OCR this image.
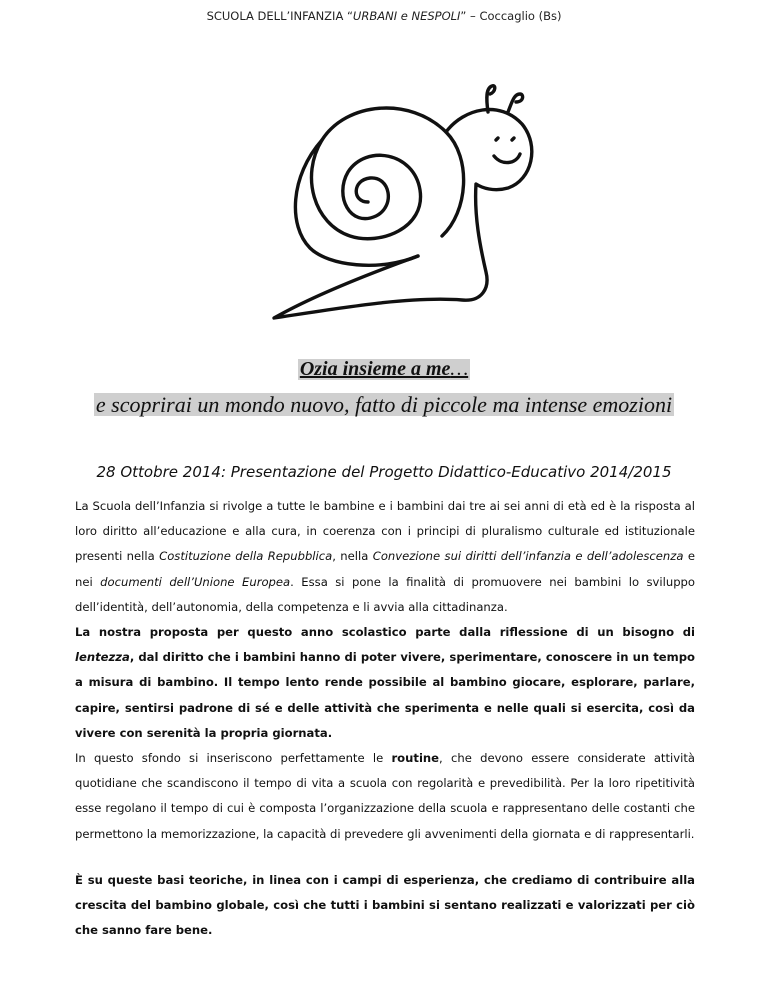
SCUOLA DELL’INFANZIA “URBANI e NESPOLI” – Coccaglio (Bs)
Ozia insieme a me…
e scoprirai un mondo nuovo, fatto di piccole ma intense emozioni
28 Ottobre 2014: Presentazione del Progetto Didattico-Educativo 2014/2015

La Scuola dell’Infanzia si rivolge a tutte le bambine e i bambini dai tre ai sei anni di età ed è la risposta al loro diritto all’educazione e alla cura, in coerenza con i principi di pluralismo culturale ed istituzionale presenti nella Costituzione della Repubblica, nella Convezione sui diritti dell’infanzia e dell’adolescenza e nei documenti dell’Unione Europea. Essa si pone la finalità di promuovere nei bambini lo sviluppo dell’identità, dell’autonomia, della competenza e li avvia alla cittadinanza.

La nostra proposta per questo anno scolastico parte dalla riflessione di un bisogno di lentezza, dal diritto che i bambini hanno di poter vivere, sperimentare, conoscere in un tempo a misura di bambino. Il tempo lento rende possibile al bambino giocare, esplorare, parlare, capire, sentirsi padrone di sé e delle attività che sperimenta e nelle quali si esercita, così da vivere con serenità la propria giornata.

In questo sfondo si inseriscono perfettamente le routine, che devono essere considerate attività quotidiane che scandiscono il tempo di vita a scuola con regolarità e prevedibilità. Per la loro ripetitività esse regolano il tempo di cui è composta l’organizzazione della scuola e rappresentano delle costanti che permettono la memorizzazione, la capacità di prevedere gli avvenimenti della giornata e di rappresentarli.

È su queste basi teoriche, in linea con i campi di esperienza, che crediamo di contribuire alla crescita del bambino globale, così che tutti i bambini si sentano realizzati e valorizzati per ciò che sanno fare bene.
